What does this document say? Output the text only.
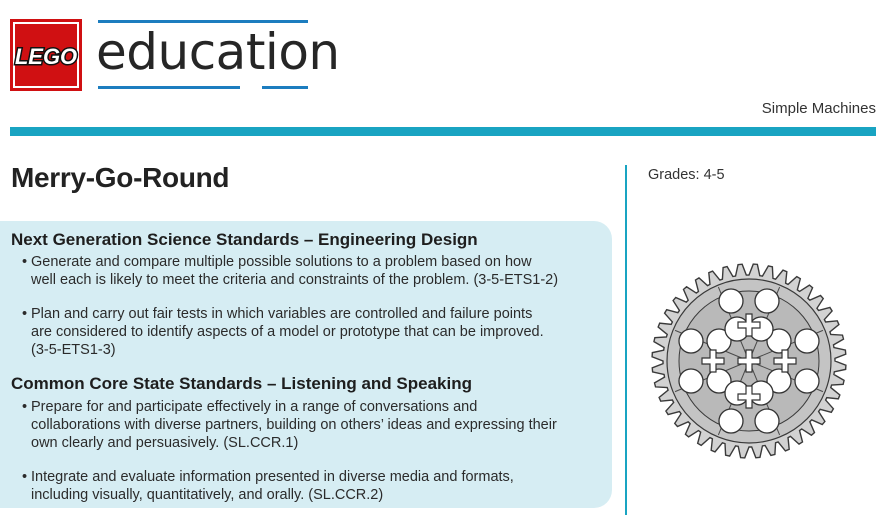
LEGO education
Simple Machines
Merry-Go-Round
Next Generation Science Standards – Engineering Design
• Generate and compare multiple possible solutions to a problem based on how
well each is likely to meet the criteria and constraints of the problem. (3-5-ETS1-2)
• Plan and carry out fair tests in which variables are controlled and failure points
are considered to identify aspects of a model or prototype that can be improved.
(3-5-ETS1-3)
Common Core State Standards – Listening and Speaking
• Prepare for and participate effectively in a range of conversations and
collaborations with diverse partners, building on others’ ideas and expressing their
own clearly and persuasively. (SL.CCR.1)
• Integrate and evaluate information presented in diverse media and formats,
including visually, quantitatively, and orally. (SL.CCR.2)
Grades: 4-5
